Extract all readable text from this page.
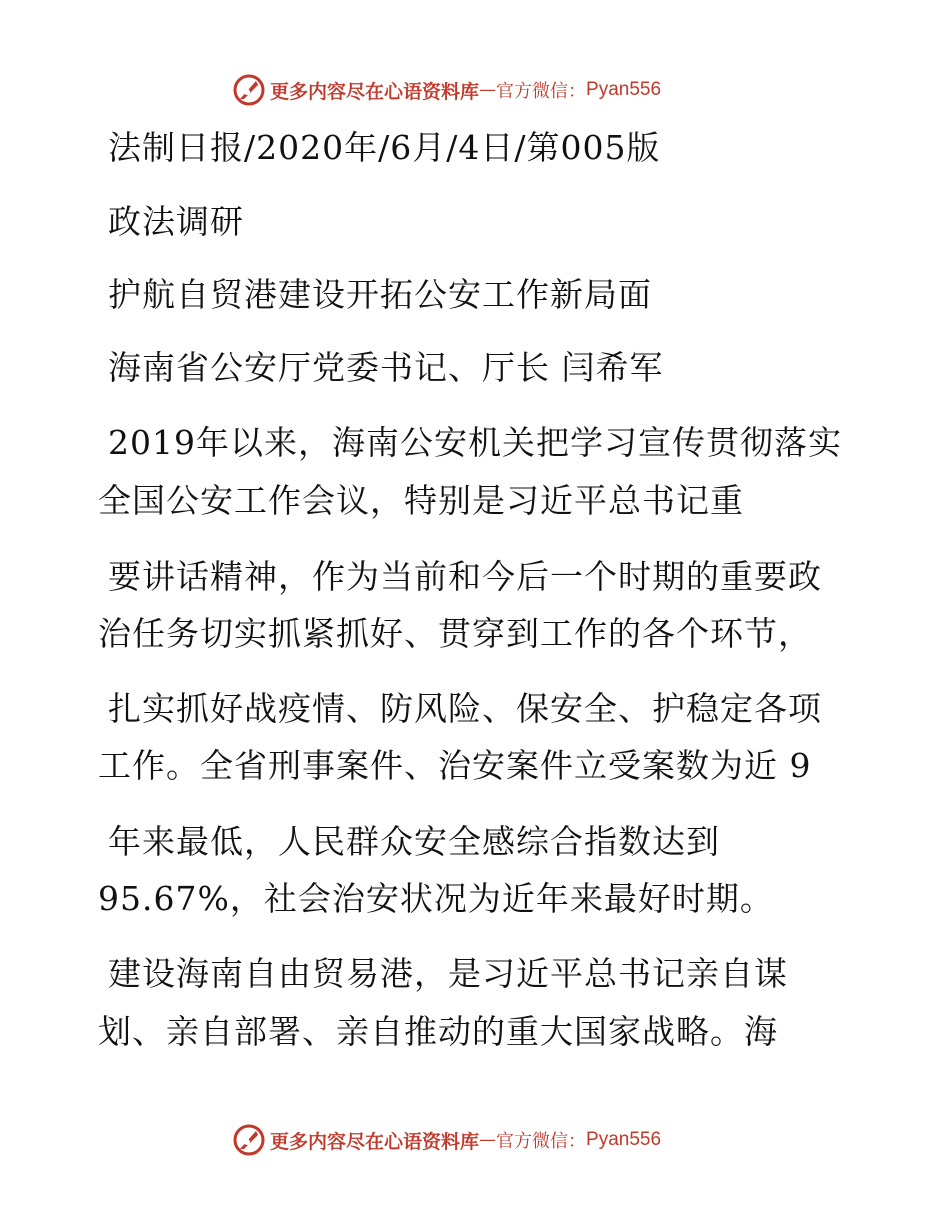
更多内容尽在心语资料库 — 官方微信： Pyan556
法制日报/2020年/6月/4日/第005版
政法调研
护航自贸港建设开拓公安工作新局面
海南省公安厅党委书记、厅长 闫希军
2019年以来，海南公安机关把学习宣传贯彻落实
全国公安工作会议，特别是习近平总书记重
要讲话精神，作为当前和今后一个时期的重要政
治任务切实抓紧抓好、贯穿到工作的各个环节，
扎实抓好战疫情、防风险、保安全、护稳定各项
工作。全省刑事案件、治安案件立受案数为近 9
年来最低，人民群众安全感综合指数达到
95.67%，社会治安状况为近年来最好时期。
建设海南自由贸易港，是习近平总书记亲自谋
划、亲自部署、亲自推动的重大国家战略。海
更多内容尽在心语资料库 — 官方微信： Pyan556
